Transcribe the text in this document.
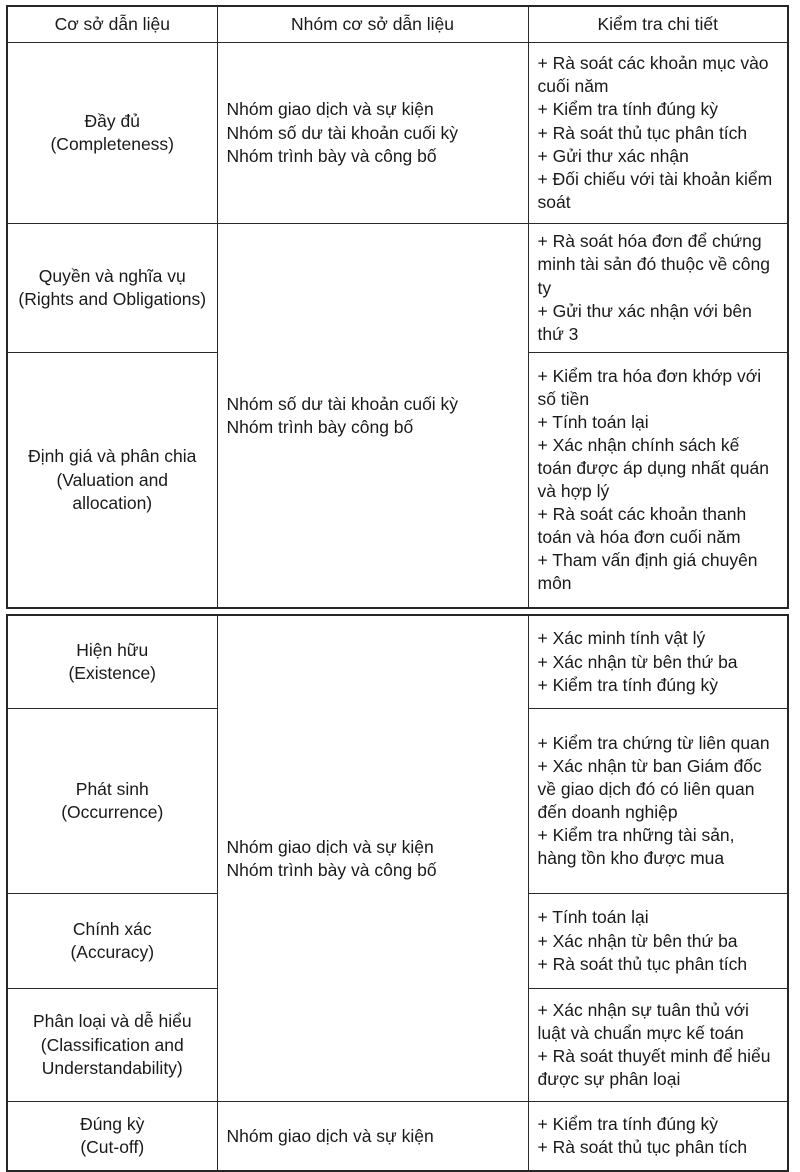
Cơ sở dẫn liệu	Nhóm cơ sở dẫn liệu	Kiểm tra chi tiết

Đầy đủ
(Completeness)	Nhóm giao dịch và sự kiện
Nhóm số dư tài khoản cuối kỳ
Nhóm trình bày và công bố	+ Rà soát các khoản mục vào cuối năm
+ Kiểm tra tính đúng kỳ
+ Rà soát thủ tục phân tích
+ Gửi thư xác nhận
+ Đối chiếu với tài khoản kiểm soát

Quyền và nghĩa vụ
(Rights and Obligations)	Nhóm số dư tài khoản cuối kỳ
Nhóm trình bày công bố	+ Rà soát hóa đơn để chứng minh tài sản đó thuộc về công ty
+ Gửi thư xác nhận với bên thứ 3

Định giá và phân chia
(Valuation and allocation)		+ Kiểm tra hóa đơn khớp với số tiền
+ Tính toán lại
+ Xác nhận chính sách kế toán được áp dụng nhất quán và hợp lý
+ Rà soát các khoản thanh toán và hóa đơn cuối năm
+ Tham vấn định giá chuyên môn
Hiện hữu
(Existence)	Nhóm giao dịch và sự kiện
Nhóm trình bày và công bố	+ Xác minh tính vật lý
+ Xác nhận từ bên thứ ba
+ Kiểm tra tính đúng kỳ

Phát sinh
(Occurrence)		+ Kiểm tra chứng từ liên quan
+ Xác nhận từ ban Giám đốc về giao dịch đó có liên quan đến doanh nghiệp
+ Kiểm tra những tài sản, hàng tồn kho được mua

Chính xác
(Accuracy)		+ Tính toán lại
+ Xác nhận từ bên thứ ba
+ Rà soát thủ tục phân tích

Phân loại và dễ hiểu
(Classification and Understandability)		+ Xác nhận sự tuân thủ với luật và chuẩn mực kế toán
+ Rà soát thuyết minh để hiểu được sự phân loại

Đúng kỳ
(Cut-off)	Nhóm giao dịch và sự kiện	+ Kiểm tra tính đúng kỳ
+ Rà soát thủ tục phân tích
